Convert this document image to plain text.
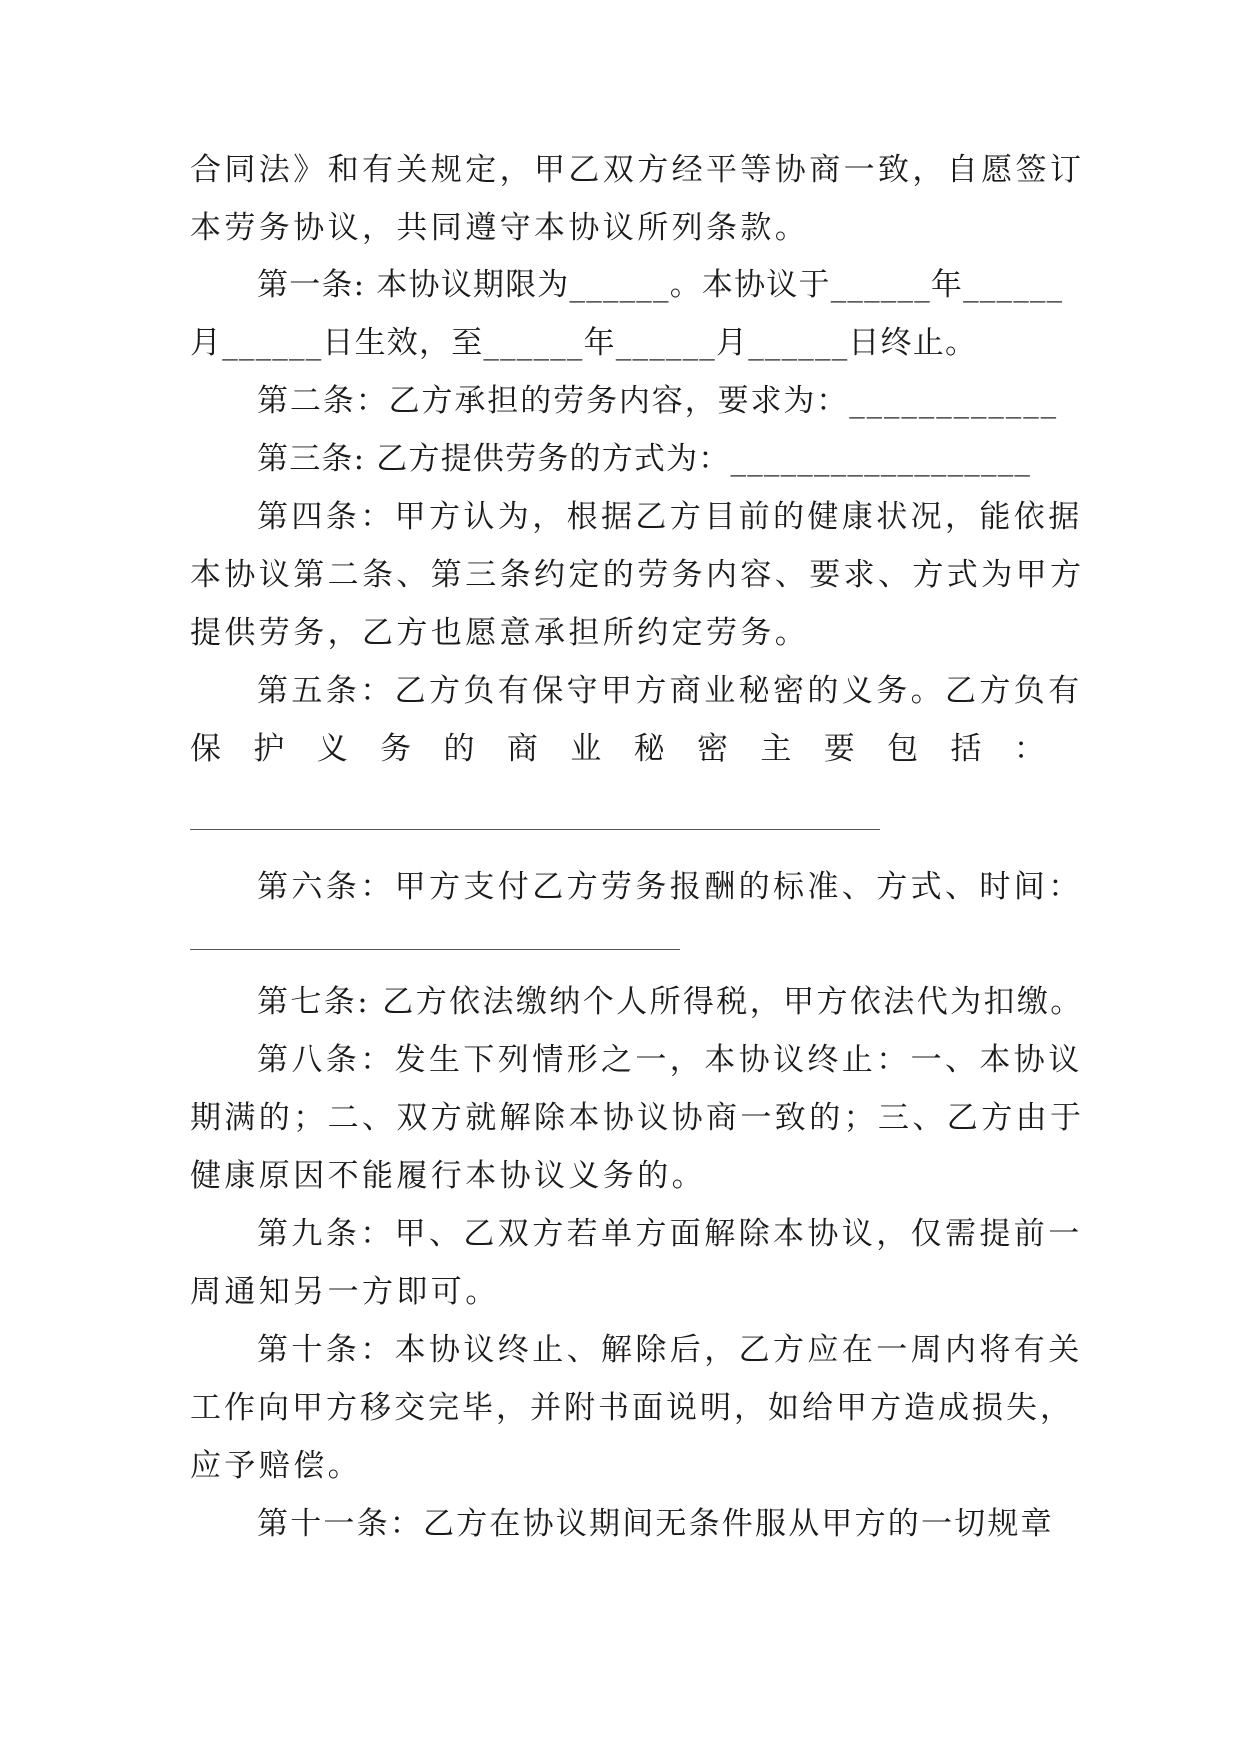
合同法》和有关规定，甲乙双方经平等协商一致，自愿签订
本劳务协议，共同遵守本协议所列条款。
第一条: 本协议期限为______。本协议于______年______
月______日生效，至______年______月______日终止。
第二条：乙方承担的劳务内容，要求为：____________
第三条: 乙方提供劳务的方式为：__________________
第四条：甲方认为，根据乙方目前的健康状况，能依据
本协议第二条、第三条约定的劳务内容、要求、方式为甲方
提供劳务，乙方也愿意承担所约定劳务。
第五条：乙方负有保守甲方商业秘密的义务。乙方负有
保 护 义 务 的 商 业 秘 密 主 要 包 括 ：
第六条：甲方支付乙方劳务报酬的标准、方式、时间：
第七条: 乙方依法缴纳个人所得税，甲方依法代为扣缴。
第八条：发生下列情形之一，本协议终止：一、本协议
期满的；二、双方就解除本协议协商一致的；三、乙方由于
健康原因不能履行本协议义务的。
第九条：甲、乙双方若单方面解除本协议，仅需提前一
周通知另一方即可。
第十条：本协议终止、解除后，乙方应在一周内将有关
工作向甲方移交完毕，并附书面说明，如给甲方造成损失，
应予赔偿。
第十一条：乙方在协议期间无条件服从甲方的一切规章
